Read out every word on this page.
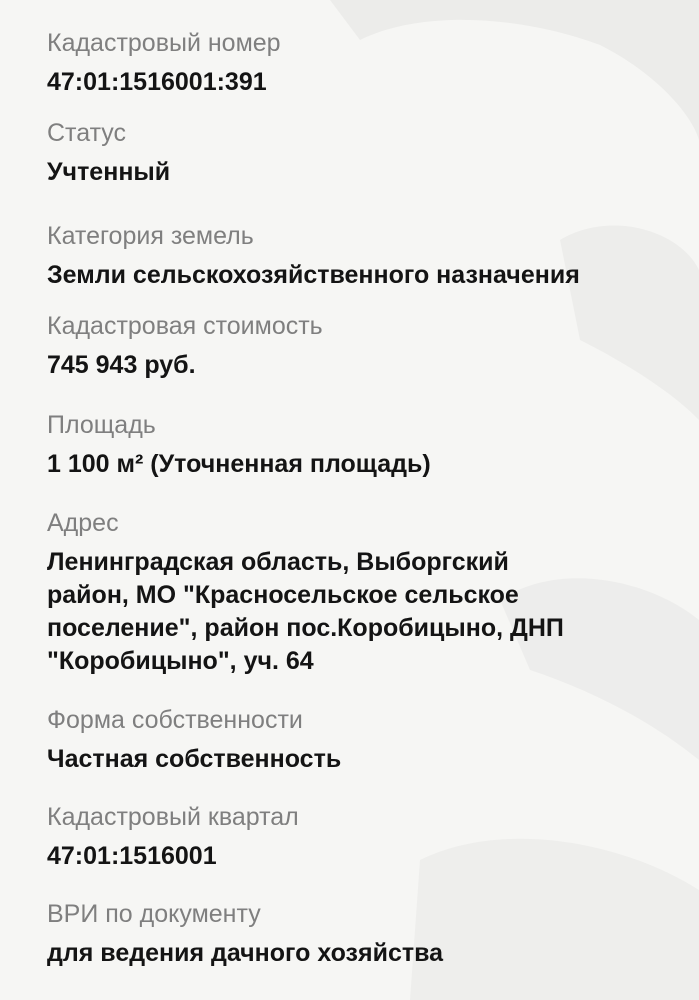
Кадастровый номер
47:01:1516001:391
Статус
Учтенный
Категория земель
Земли сельскохозяйственного назначения
Кадастровая стоимость
745 943 руб.
Площадь
1 100 м² (Уточненная площадь)
Адрес
Ленинградская область, Выборгский
район, МО "Красносельское сельское
поселение", район пос.Коробицыно, ДНП
"Коробицыно", уч. 64
Форма собственности
Частная собственность
Кадастровый квартал
47:01:1516001
ВРИ по документу
для ведения дачного хозяйства
